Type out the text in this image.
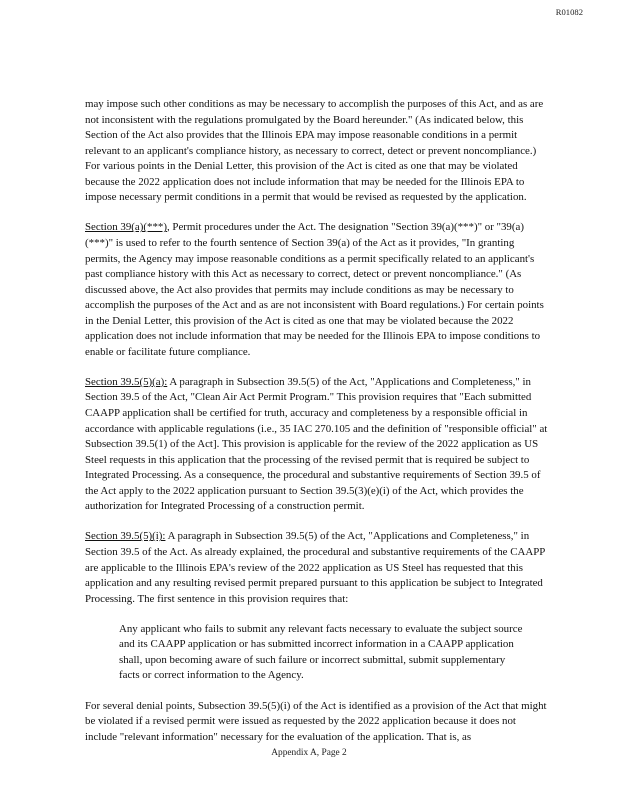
R01082

may impose such other conditions as may be necessary to accomplish the purposes of this Act, and as are not inconsistent with the regulations promulgated by the Board hereunder." (As indicated below, this Section of the Act also provides that the Illinois EPA may impose reasonable conditions in a permit relevant to an applicant's compliance history, as necessary to correct, detect or prevent noncompliance.) For various points in the Denial Letter, this provision of the Act is cited as one that may be violated because the 2022 application does not include information that may be needed for the Illinois EPA to impose necessary permit conditions in a permit that would be revised as requested by the application.

Section 39(a)(***), Permit procedures under the Act. The designation "Section 39(a)(***)" or "39(a)(***)" is used to refer to the fourth sentence of Section 39(a) of the Act as it provides, "In granting permits, the Agency may impose reasonable conditions as a permit specifically related to an applicant's past compliance history with this Act as necessary to correct, detect or prevent noncompliance." (As discussed above, the Act also provides that permits may include conditions as may be necessary to accomplish the purposes of the Act and as are not inconsistent with Board regulations.) For certain points in the Denial Letter, this provision of the Act is cited as one that may be violated because the 2022 application does not include information that may be needed for the Illinois EPA to impose conditions to enable or facilitate future compliance.

Section 39.5(5)(a): A paragraph in Subsection 39.5(5) of the Act, "Applications and Completeness," in Section 39.5 of the Act, "Clean Air Act Permit Program." This provision requires that "Each submitted CAAPP application shall be certified for truth, accuracy and completeness by a responsible official in accordance with applicable regulations (i.e., 35 IAC 270.105 and the definition of "responsible official" at Subsection 39.5(1) of the Act]. This provision is applicable for the review of the 2022 application as US Steel requests in this application that the processing of the revised permit that is required be subject to Integrated Processing. As a consequence, the procedural and substantive requirements of Section 39.5 of the Act apply to the 2022 application pursuant to Section 39.5(3)(e)(i) of the Act, which provides the authorization for Integrated Processing of a construction permit.

Section 39.5(5)(i): A paragraph in Subsection 39.5(5) of the Act, "Applications and Completeness," in Section 39.5 of the Act. As already explained, the procedural and substantive requirements of the CAAPP are applicable to the Illinois EPA's review of the 2022 application as US Steel has requested that this application and any resulting revised permit prepared pursuant to this application be subject to Integrated Processing. The first sentence in this provision requires that:

Any applicant who fails to submit any relevant facts necessary to evaluate the subject source and its CAAPP application or has submitted incorrect information in a CAAPP application shall, upon becoming aware of such failure or incorrect submittal, submit supplementary facts or correct information to the Agency.

For several denial points, Subsection 39.5(5)(i) of the Act is identified as a provision of the Act that might be violated if a revised permit were issued as requested by the 2022 application because it does not include "relevant information" necessary for the evaluation of the application. That is, as

Appendix A, Page 2
